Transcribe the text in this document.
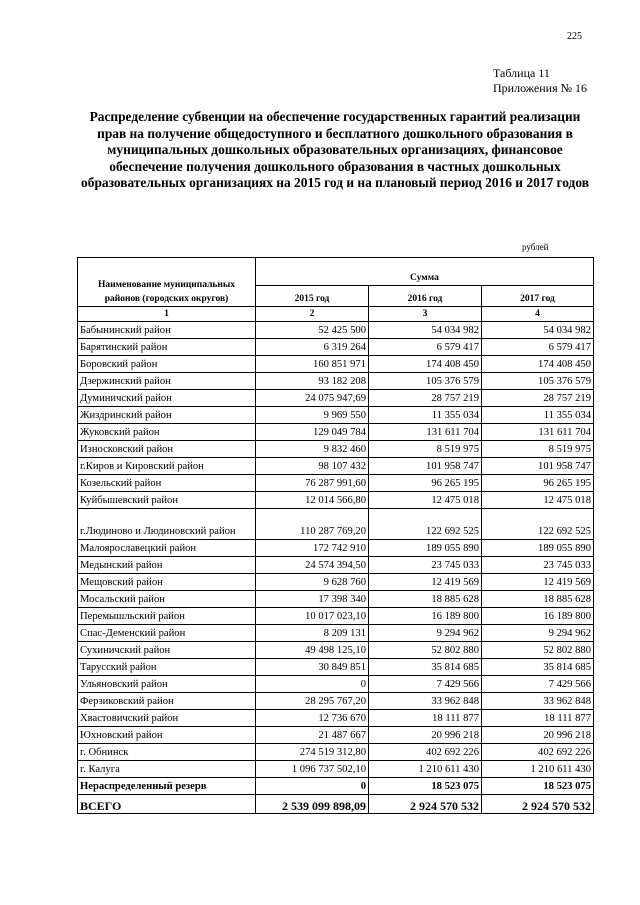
225
Таблица 11
Приложения № 16
Распределение субвенции на обеспечение государственных гарантий реализации прав на получение общедоступного и бесплатного дошкольного образования в муниципальных дошкольных образовательных организациях, финансовое обеспечение получения дошкольного образования в частных дошкольных образовательных организациях на 2015 год и на плановый период 2016 и 2017 годов
рублей
Наименование муниципальных районов (городских округов)	Сумма		
	2015 год	2016 год	2017 год
1	2	3	4
Бабынинский район	52 425 500	54 034 982	54 034 982
Барятинский район	6 319 264	6 579 417	6 579 417
Боровский район	160 851 971	174 408 450	174 408 450
Дзержинский район	93 182 208	105 376 579	105 376 579
Думиничский район	24 075 947,69	28 757 219	28 757 219
Жиздринский район	9 969 550	11 355 034	11 355 034
Жуковский район	129 049 784	131 611 704	131 611 704
Износковский район	9 832 460	8 519 975	8 519 975
г.Киров и Кировский район	98 107 432	101 958 747	101 958 747
Козельский район	76 287 991,60	96 265 195	96 265 195
Куйбышевский район	12 014 566,80	12 475 018	12 475 018
г.Людиново и Людиновский район	110 287 769,20	122 692 525	122 692 525
Малоярославецкий район	172 742 910	189 055 890	189 055 890
Медынский район	24 574 394,50	23 745 033	23 745 033
Мещовский район	9 628 760	12 419 569	12 419 569
Мосальский район	17 398 340	18 885 628	18 885 628
Перемышльский район	10 017 023,10	16 189 800	16 189 800
Спас-Деменский район	8 209 131	9 294 962	9 294 962
Сухиничский район	49 498 125,10	52 802 880	52 802 880
Тарусский район	30 849 851	35 814 685	35 814 685
Ульяновский район	0	7 429 566	7 429 566
Ферзиковский район	28 295 767,20	33 962 848	33 962 848
Хвастовичский район	12 736 670	18 111 877	18 111 877
Юхновский район	21 487 667	20 996 218	20 996 218
г. Обнинск	274 519 312,80	402 692 226	402 692 226
г. Калуга	1 096 737 502,10	1 210 611 430	1 210 611 430
Нераспределенный резерв	0	18 523 075	18 523 075
ВСЕГО	2 539 099 898,09	2 924 570 532	2 924 570 532
